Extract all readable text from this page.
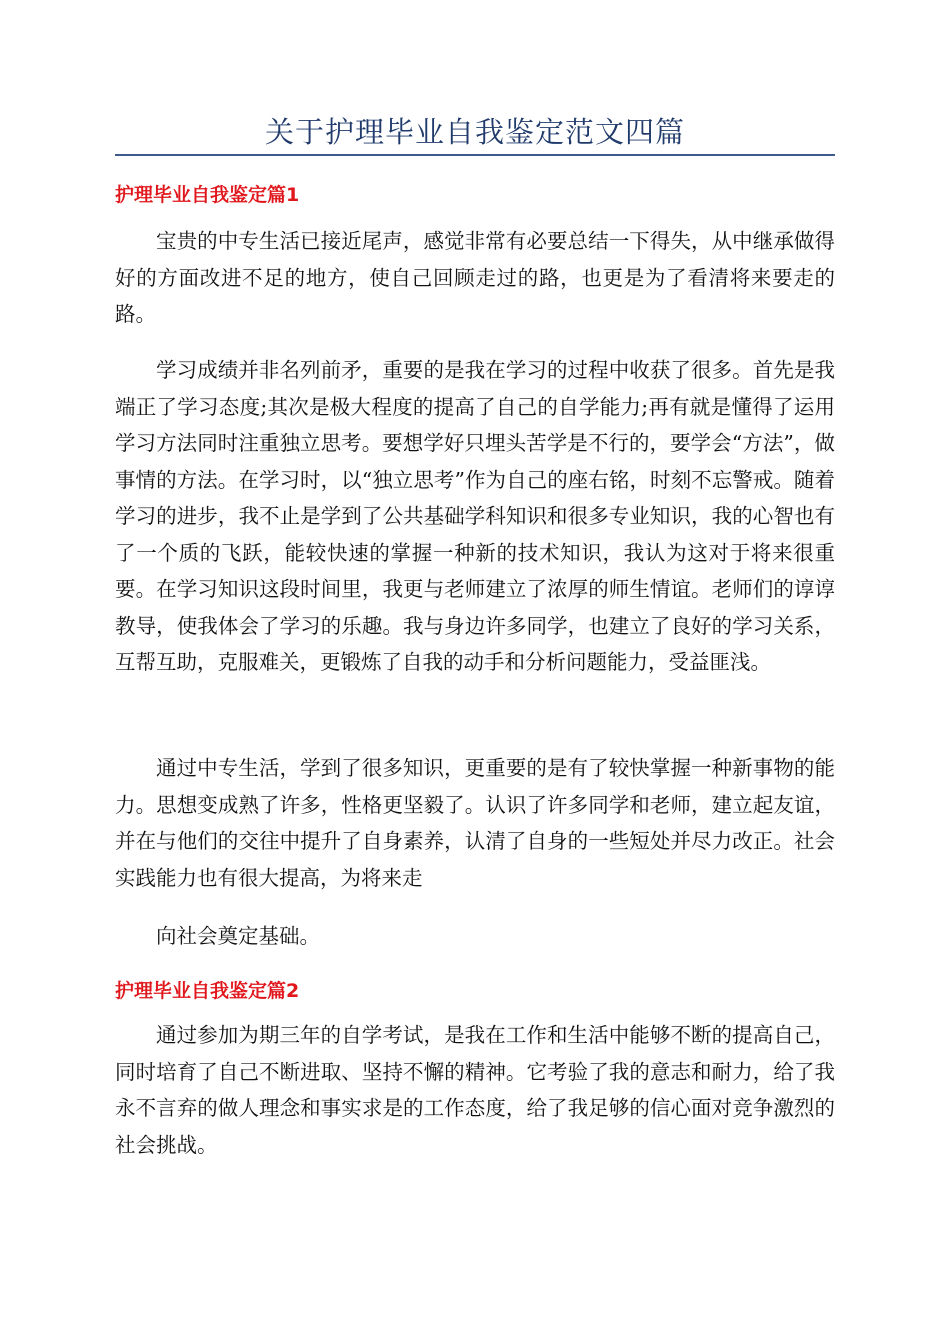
关于护理毕业自我鉴定范文四篇
护理毕业自我鉴定篇1

宝贵的中专生活已接近尾声，感觉非常有必要总结一下得失，从中继承做得好的方面改进不足的地方，使自己回顾走过的路，也更是为了看清将来要走的路。

学习成绩并非名列前矛，重要的是我在学习的过程中收获了很多。首先是我端正了学习态度;其次是极大程度的提高了自己的自学能力;再有就是懂得了运用学习方法同时注重独立思考。要想学好只埋头苦学是不行的，要学会“方法”，做事情的方法。在学习时，以“独立思考”作为自己的座右铭，时刻不忘警戒。随着学习的进步，我不止是学到了公共基础学科知识和很多专业知识，我的心智也有了一个质的飞跃，能较快速的掌握一种新的技术知识，我认为这对于将来很重要。在学习知识这段时间里，我更与老师建立了浓厚的师生情谊。老师们的谆谆教导，使我体会了学习的乐趣。我与身边许多同学，也建立了良好的学习关系，互帮互助，克服难关，更锻炼了自我的动手和分析问题能力，受益匪浅。

通过中专生活，学到了很多知识，更重要的是有了较快掌握一种新事物的能力。思想变成熟了许多，性格更坚毅了。认识了许多同学和老师，建立起友谊，并在与他们的交往中提升了自身素养，认清了自身的一些短处并尽力改正。社会实践能力也有很大提高，为将来走

向社会奠定基础。

护理毕业自我鉴定篇2

通过参加为期三年的自学考试，是我在工作和生活中能够不断的提高自己，同时培育了自己不断进取、坚持不懈的精神。它考验了我的意志和耐力，给了我永不言弃的做人理念和事实求是的工作态度，给了我足够的信心面对竞争激烈的社会挑战。
